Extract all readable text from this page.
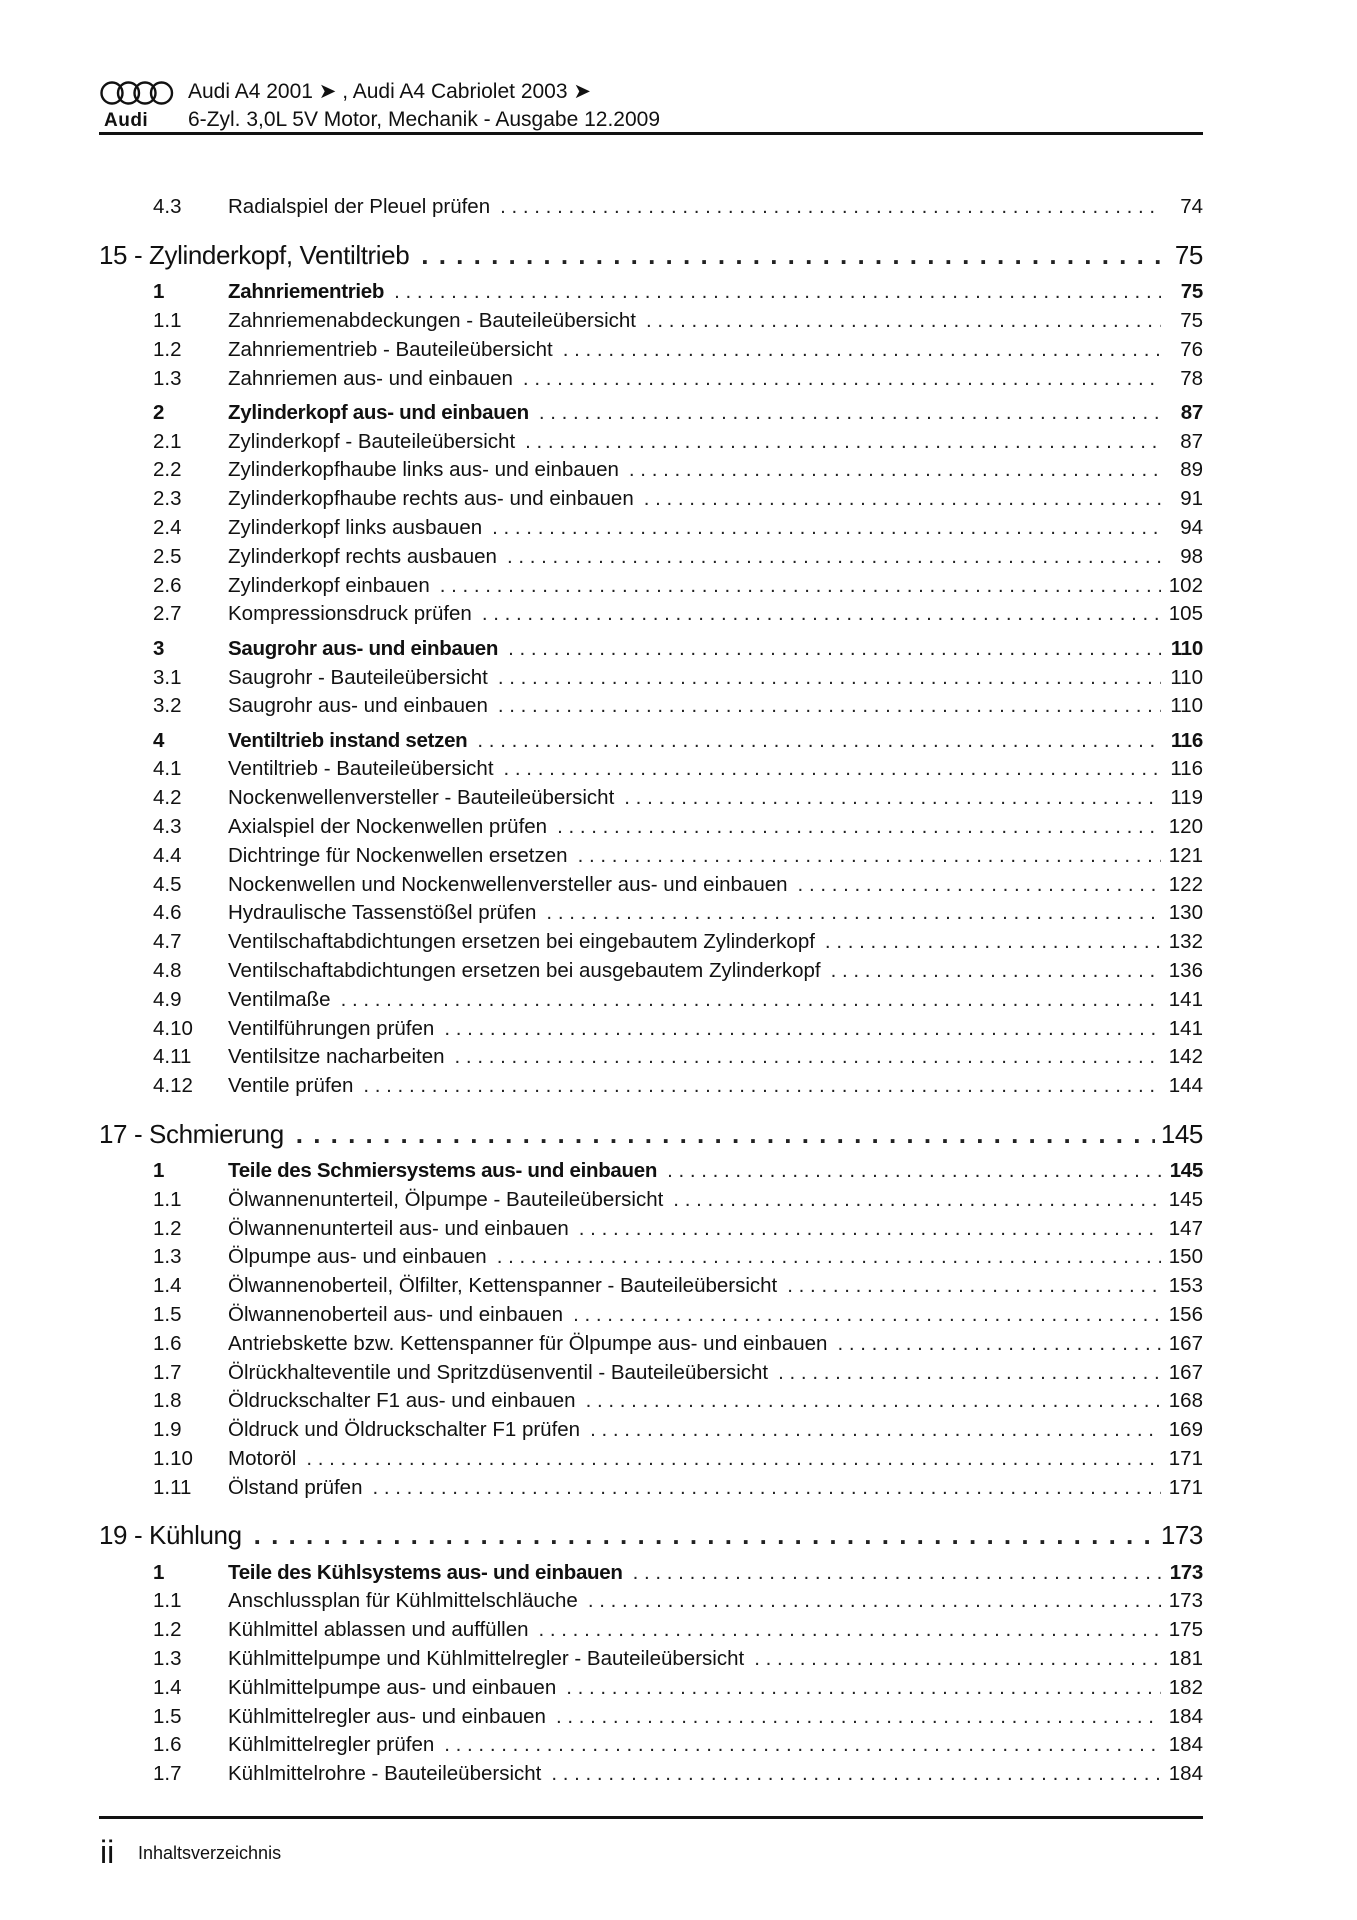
Audi
Audi A4 2001 ➤ , Audi A4 Cabriolet 2003 ➤
6-Zyl. 3,0L 5V Motor, Mechanik - Ausgabe 12.2009
4.3	Radialspiel der Pleuel prüfen . . .	74
15 - Zylinderkopf, Ventiltrieb . . .	75
1	Zahnriementrieb . . .	75
1.1	Zahnriemenabdeckungen - Bauteileübersicht . . .	75
1.2	Zahnriementrieb - Bauteileübersicht . . .	76
1.3	Zahnriemen aus- und einbauen . . .	78
2	Zylinderkopf aus- und einbauen . . .	87
2.1	Zylinderkopf - Bauteileübersicht . . .	87
2.2	Zylinderkopfhaube links aus- und einbauen . . .	89
2.3	Zylinderkopfhaube rechts aus- und einbauen . . .	91
2.4	Zylinderkopf links ausbauen . . .	94
2.5	Zylinderkopf rechts ausbauen . . .	98
2.6	Zylinderkopf einbauen . . .	102
2.7	Kompressionsdruck prüfen . . .	105
3	Saugrohr aus- und einbauen . . .	110
3.1	Saugrohr - Bauteileübersicht . . .	110
3.2	Saugrohr aus- und einbauen . . .	110
4	Ventiltrieb instand setzen . . .	116
4.1	Ventiltrieb - Bauteileübersicht . . .	116
4.2	Nockenwellenversteller - Bauteileübersicht . . .	119
4.3	Axialspiel der Nockenwellen prüfen . . .	120
4.4	Dichtringe für Nockenwellen ersetzen . . .	121
4.5	Nockenwellen und Nockenwellenversteller aus- und einbauen . . .	122
4.6	Hydraulische Tassenstößel prüfen . . .	130
4.7	Ventilschaftabdichtungen ersetzen bei eingebautem Zylinderkopf . . .	132
4.8	Ventilschaftabdichtungen ersetzen bei ausgebautem Zylinderkopf . . .	136
4.9	Ventilmaße . . .	141
4.10	Ventilführungen prüfen . . .	141
4.11	Ventilsitze nacharbeiten . . .	142
4.12	Ventile prüfen . . .	144
17 - Schmierung . . .	145
1	Teile des Schmiersystems aus- und einbauen . . .	145
1.1	Ölwannenunterteil, Ölpumpe - Bauteileübersicht . . .	145
1.2	Ölwannenunterteil aus- und einbauen . . .	147
1.3	Ölpumpe aus- und einbauen . . .	150
1.4	Ölwannenoberteil, Ölfilter, Kettenspanner - Bauteileübersicht . . .	153
1.5	Ölwannenoberteil aus- und einbauen . . .	156
1.6	Antriebskette bzw. Kettenspanner für Ölpumpe aus- und einbauen . . .	167
1.7	Ölrückhalteventile und Spritzdüsenventil - Bauteileübersicht . . .	167
1.8	Öldruckschalter F1 aus- und einbauen . . .	168
1.9	Öldruck und Öldruckschalter F1 prüfen . . .	169
1.10	Motoröl . . .	171
1.11	Ölstand prüfen . . .	171
19 - Kühlung . . .	173
1	Teile des Kühlsystems aus- und einbauen . . .	173
1.1	Anschlussplan für Kühlmittelschläuche . . .	173
1.2	Kühlmittel ablassen und auffüllen . . .	175
1.3	Kühlmittelpumpe und Kühlmittelregler - Bauteileübersicht . . .	181
1.4	Kühlmittelpumpe aus- und einbauen . . .	182
1.5	Kühlmittelregler aus- und einbauen . . .	184
1.6	Kühlmittelregler prüfen . . .	184
1.7	Kühlmittelrohre - Bauteileübersicht . . .	184
ii Inhaltsverzeichnis
